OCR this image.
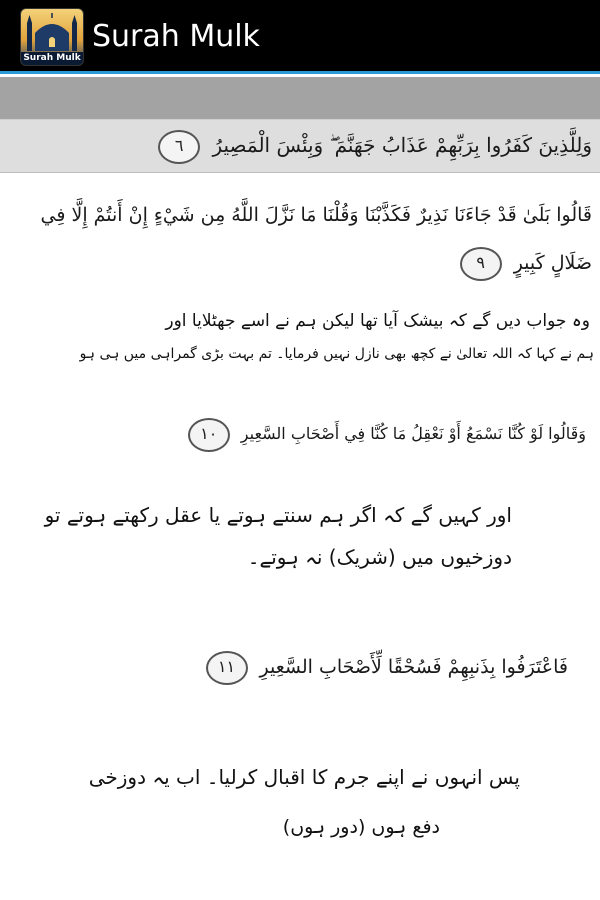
Surah Mulk
Surah Mulk
وَلِلَّذِينَ كَفَرُوا بِرَبِّهِمْ عَذَابُ جَهَنَّمَ ۖ وَبِئْسَ الْمَصِيرُ ٦
قَالُوا بَلَىٰ قَدْ جَاءَنَا نَذِيرٌ فَكَذَّبْنَا وَقُلْنَا مَا نَزَّلَ اللَّهُ مِن شَيْءٍ إِنْ أَنتُمْ إِلَّا فِي
ضَلَالٍ كَبِيرٍ ٩
وہ جواب دیں گے کہ بیشک آیا تھا لیکن ہم نے اسے جھٹلایا اور
ہم نے کہا کہ اللہ تعالیٰ نے کچھ بھی نازل نہیں فرمایا۔ تم بہت بڑی گمراہی میں ہی ہو
وَقَالُوا لَوْ كُنَّا نَسْمَعُ أَوْ نَعْقِلُ مَا كُنَّا فِي أَصْحَابِ السَّعِيرِ ١٠
اور کہیں گے کہ اگر ہم سنتے ہوتے یا عقل رکھتے ہوتے تو
دوزخیوں میں (شریک) نہ ہوتے۔
فَاعْتَرَفُوا بِذَنبِهِمْ فَسُحْقًا لِّأَصْحَابِ السَّعِيرِ ١١
پس انہوں نے اپنے جرم کا اقبال کرلیا۔ اب یہ دوزخی
دفع ہوں (دور ہوں)
